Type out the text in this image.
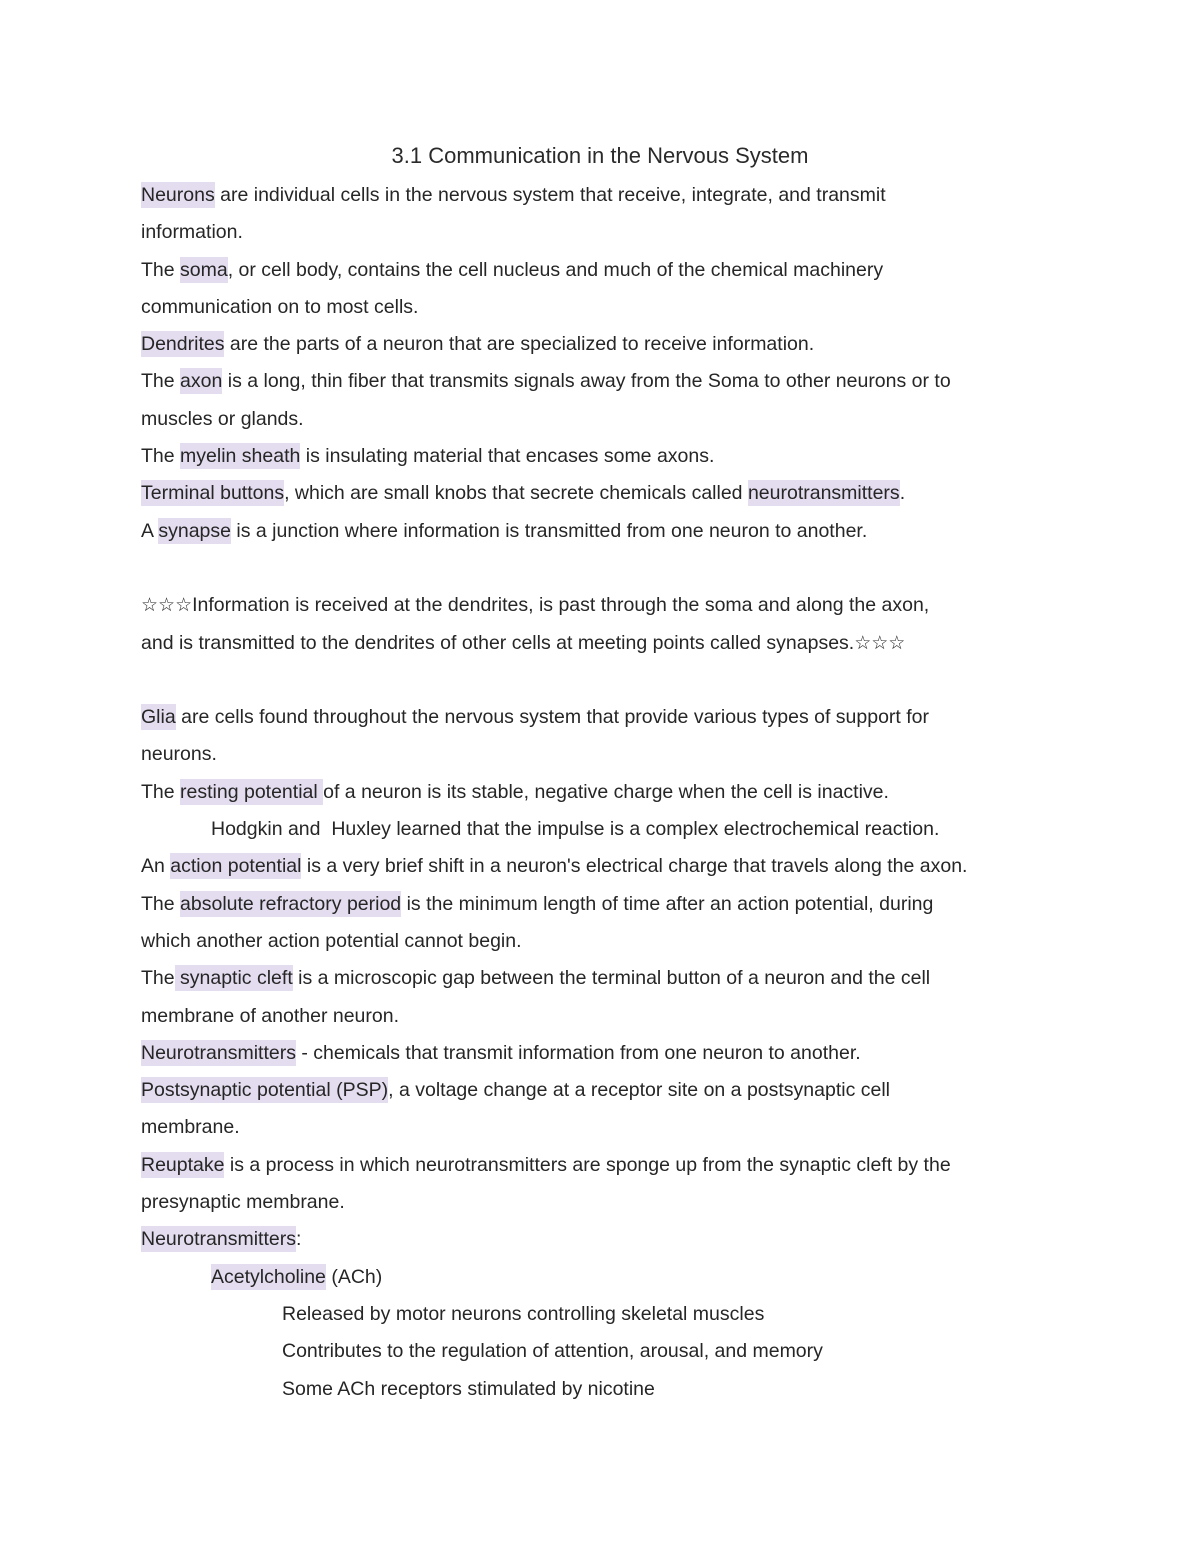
3.1 Communication in the Nervous System
Neurons are individual cells in the nervous system that receive, integrate, and transmit
information.
The soma, or cell body, contains the cell nucleus and much of the chemical machinery
communication on to most cells.
Dendrites are the parts of a neuron that are specialized to receive information.
The axon is a long, thin fiber that transmits signals away from the Soma to other neurons or to
muscles or glands.
The myelin sheath is insulating material that encases some axons.
Terminal buttons, which are small knobs that secrete chemicals called neurotransmitters.
A synapse is a junction where information is transmitted from one neuron to another.
☆☆☆Information is received at the dendrites, is past through the soma and along the axon,
and is transmitted to the dendrites of other cells at meeting points called synapses.☆☆☆
Glia are cells found throughout the nervous system that provide various types of support for
neurons.
The resting potential of a neuron is its stable, negative charge when the cell is inactive.
Hodgkin and  Huxley learned that the impulse is a complex electrochemical reaction.
An action potential is a very brief shift in a neuron's electrical charge that travels along the axon.
The absolute refractory period is the minimum length of time after an action potential, during
which another action potential cannot begin.
The synaptic cleft is a microscopic gap between the terminal button of a neuron and the cell
membrane of another neuron.
Neurotransmitters - chemicals that transmit information from one neuron to another.
Postsynaptic potential (PSP), a voltage change at a receptor site on a postsynaptic cell
membrane.
Reuptake is a process in which neurotransmitters are sponge up from the synaptic cleft by the
presynaptic membrane.
Neurotransmitters:
Acetylcholine (ACh)
Released by motor neurons controlling skeletal muscles
Contributes to the regulation of attention, arousal, and memory
Some ACh receptors stimulated by nicotine
